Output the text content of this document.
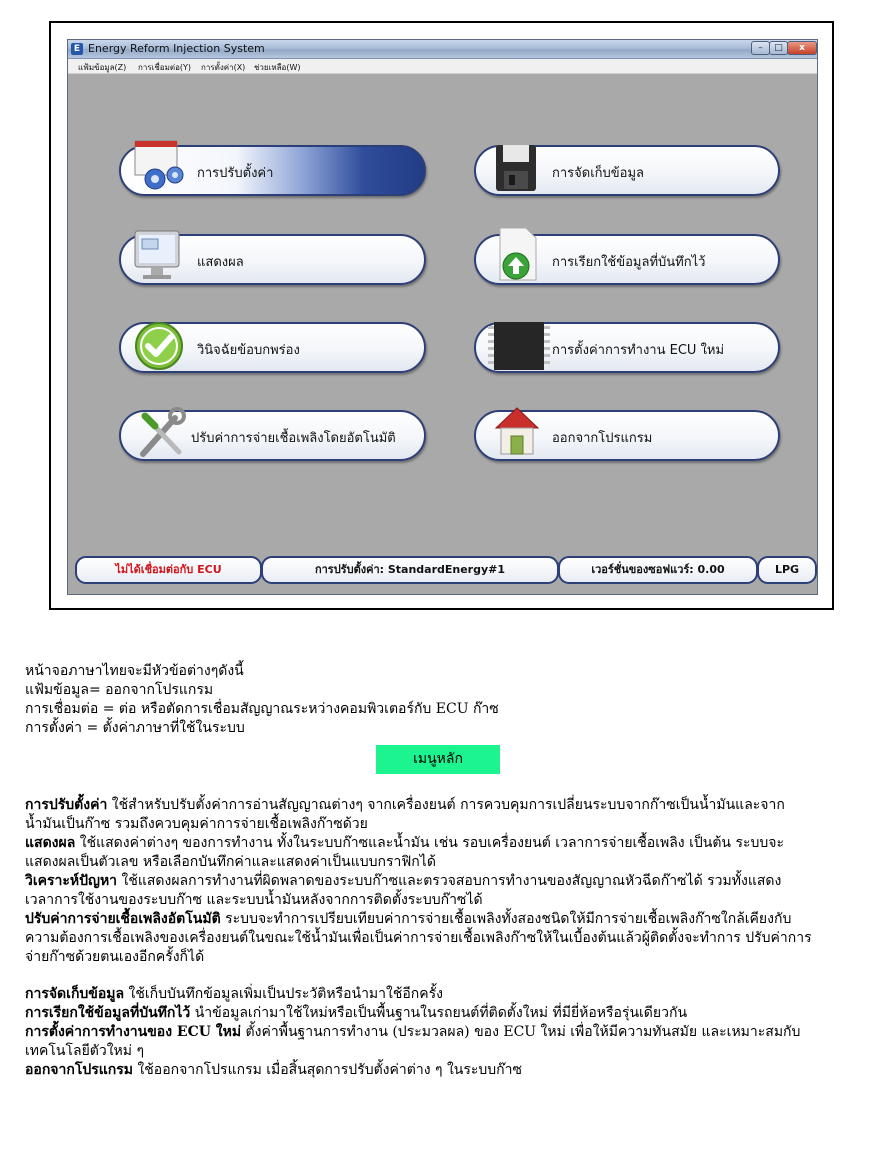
E Energy Reform Injection System	–	□	x
แฟ้มข้อมูล(Z) การเชื่อมต่อ(Y) การตั้งค่า(X) ช่วยเหลือ(W)
การปรับตั้งค่า	การจัดเก็บข้อมูล
แสดงผล	การเรียกใช้ข้อมูลที่บันทึกไว้
วินิจฉัยข้อบกพร่อง	การตั้งค่าการทำงาน ECU ใหม่
ปรับค่าการจ่ายเชื้อเพลิงโดยอัตโนมัติ	ออกจากโปรแกรม
ไม่ได้เชื่อมต่อกับ ECU	การปรับตั้งค่า: StandardEnergy#1	เวอร์ชั่นของซอฟแวร์: 0.00	LPG
หน้าจอภาษาไทยจะมีหัวข้อต่างๆดังนี้
แฟ้มข้อมูล= ออกจากโปรแกรม
การเชื่อมต่อ = ต่อ หรือตัดการเชื่อมสัญญาณระหว่างคอมพิวเตอร์กับ ECU ก๊าซ
การตั้งค่า = ตั้งค่าภาษาที่ใช้ในระบบ
เมนูหลัก
การปรับตั้งค่า ใช้สำหรับปรับตั้งค่าการอ่านสัญญาณต่างๆ จากเครื่องยนต์ การควบคุมการเปลี่ยนระบบจากก๊าซเป็นน้ำมันและจาก
น้ำมันเป็นก๊าซ รวมถึงควบคุมค่าการจ่ายเชื้อเพลิงก๊าซด้วย
แสดงผล ใช้แสดงค่าต่างๆ ของการทำงาน ทั้งในระบบก๊าซและน้ำมัน เช่น รอบเครื่องยนต์ เวลาการจ่ายเชื้อเพลิง เป็นต้น ระบบจะ
แสดงผลเป็นตัวเลข หรือเลือกบันทึกค่าและแสดงค่าเป็นแบบกราฟิกได้
วิเคราะห์ปัญหา ใช้แสดงผลการทำงานที่ผิดพลาดของระบบก๊าซและตรวจสอบการทำงานของสัญญาณหัวฉีดก๊าซได้ รวมทั้งแสดง
เวลาการใช้งานของระบบก๊าซ และระบบน้ำมันหลังจากการติดตั้งระบบก๊าซได้
ปรับค่าการจ่ายเชื้อเพลิงอัตโนมัติ ระบบจะทำการเปรียบเทียบค่าการจ่ายเชื้อเพลิงทั้งสองชนิดให้มีการจ่ายเชื้อเพลิงก๊าซใกล้เคียงกับ
ความต้องการเชื้อเพลิงของเครื่องยนต์ในขณะใช้น้ำมันเพื่อเป็นค่าการจ่ายเชื้อเพลิงก๊าซให้ในเบื้องต้นแล้วผู้ติดตั้งจะทำการ ปรับค่าการ
จ่ายก๊าซด้วยตนเองอีกครั้งก็ได้
การจัดเก็บข้อมูล ใช้เก็บบันทึกข้อมูลเพิ่มเป็นประวัติหรือนำมาใช้อีกครั้ง
การเรียกใช้ข้อมูลที่บันทึกไว้ นำข้อมูลเก่ามาใช้ใหม่หรือเป็นพื้นฐานในรถยนต์ที่ติดตั้งใหม่ ที่มียี่ห้อหรือรุ่นเดียวกัน
การตั้งค่าการทำงานของ ECU ใหม่ ตั้งค่าพื้นฐานการทำงาน (ประมวลผล) ของ ECU ใหม่ เพื่อให้มีความทันสมัย และเหมาะสมกับ
เทคโนโลยีตัวใหม่ ๆ
ออกจากโปรแกรม ใช้ออกจากโปรแกรม เมื่อสิ้นสุดการปรับตั้งค่าต่าง ๆ ในระบบก๊าซ
